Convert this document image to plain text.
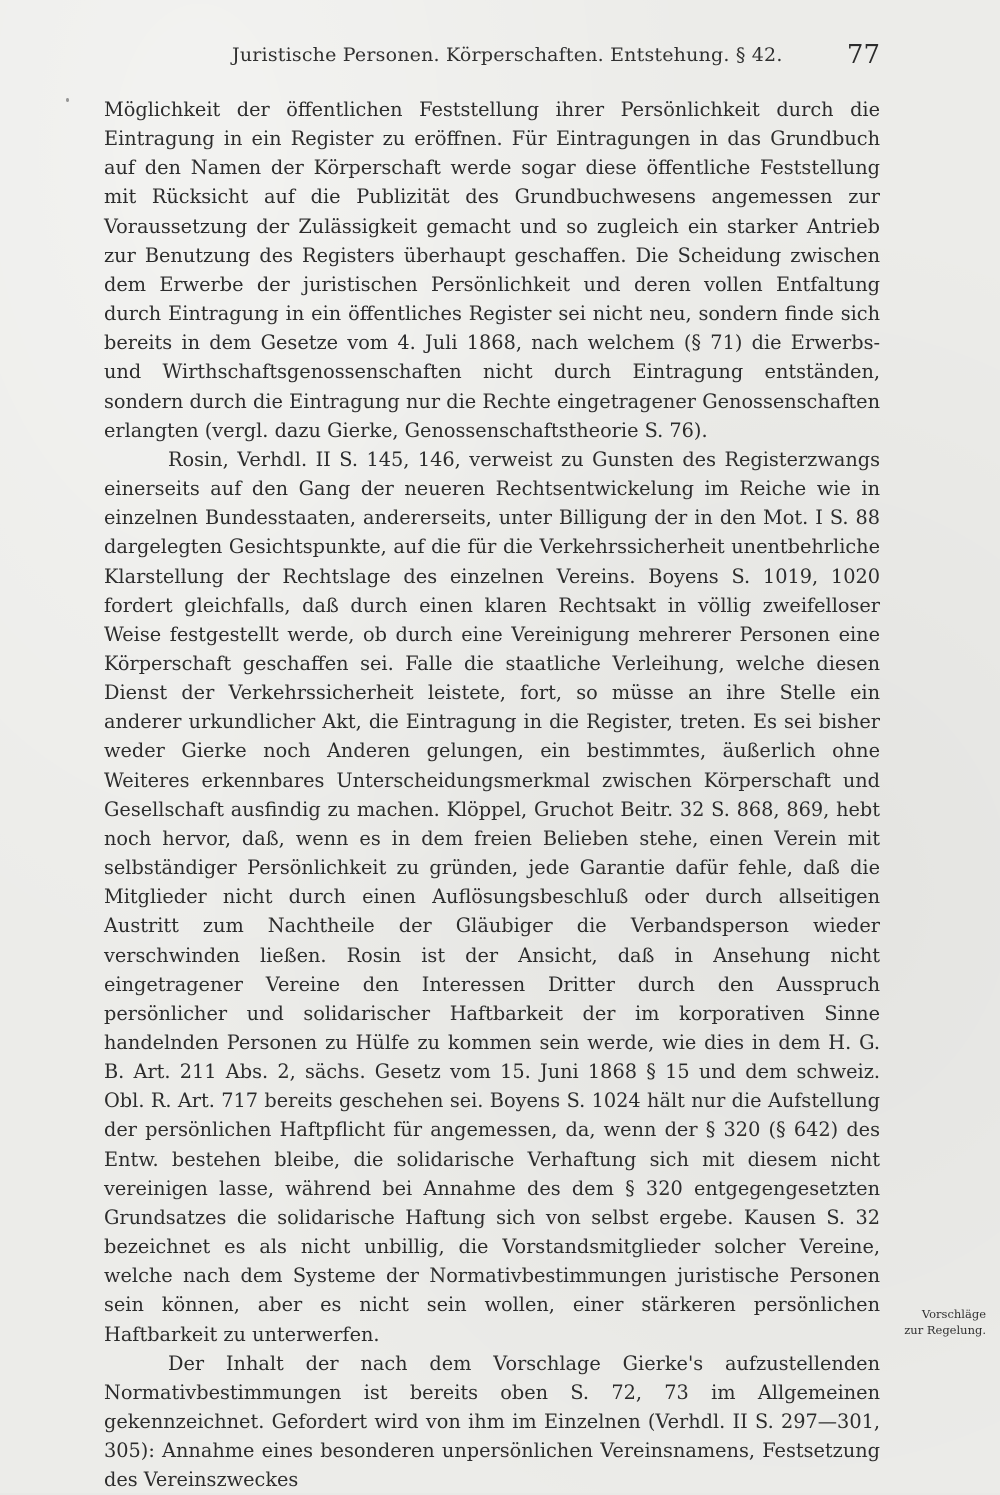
Juristische Personen. Körperschaften. Entstehung. § 42. 77

Möglichkeit der öffentlichen Feststellung ihrer Persönlichkeit durch die Eintragung in ein Register zu eröffnen. Für Eintragungen in das Grundbuch auf den Namen der Körperschaft werde sogar diese öffentliche Feststellung mit Rücksicht auf die Publizität des Grundbuchwesens angemessen zur Voraussetzung der Zulässigkeit gemacht und so zugleich ein starker Antrieb zur Benutzung des Registers überhaupt geschaffen. Die Scheidung zwischen dem Erwerbe der juristischen Persönlichkeit und deren vollen Entfaltung durch Eintragung in ein öffentliches Register sei nicht neu, sondern finde sich bereits in dem Gesetze vom 4. Juli 1868, nach welchem (§ 71) die Erwerbs- und Wirthschaftsgenossenschaften nicht durch Eintragung entständen, sondern durch die Eintragung nur die Rechte eingetragener Genossenschaften erlangten (vergl. dazu Gierke, Genossenschaftstheorie S. 76).

Rosin, Verhdl. II S. 145, 146, verweist zu Gunsten des Registerzwangs einerseits auf den Gang der neueren Rechtsentwickelung im Reiche wie in einzelnen Bundesstaaten, andererseits, unter Billigung der in den Mot. I S. 88 dargelegten Gesichtspunkte, auf die für die Verkehrssicherheit unentbehrliche Klarstellung der Rechtslage des einzelnen Vereins. Boyens S. 1019, 1020 fordert gleichfalls, daß durch einen klaren Rechtsakt in völlig zweifelloser Weise festgestellt werde, ob durch eine Vereinigung mehrerer Personen eine Körperschaft geschaffen sei. Falle die staatliche Verleihung, welche diesen Dienst der Verkehrssicherheit leistete, fort, so müsse an ihre Stelle ein anderer urkundlicher Akt, die Eintragung in die Register, treten. Es sei bisher weder Gierke noch Anderen gelungen, ein bestimmtes, äußerlich ohne Weiteres erkennbares Unterscheidungsmerkmal zwischen Körperschaft und Gesellschaft ausfindig zu machen. Klöppel, Gruchot Beitr. 32 S. 868, 869, hebt noch hervor, daß, wenn es in dem freien Belieben stehe, einen Verein mit selbständiger Persönlichkeit zu gründen, jede Garantie dafür fehle, daß die Mitglieder nicht durch einen Auflösungsbeschluß oder durch allseitigen Austritt zum Nachtheile der Gläubiger die Verbandsperson wieder verschwinden ließen. Rosin ist der Ansicht, daß in Ansehung nicht eingetragener Vereine den Interessen Dritter durch den Ausspruch persönlicher und solidarischer Haftbarkeit der im korporativen Sinne handelnden Personen zu Hülfe zu kommen sein werde, wie dies in dem H. G. B. Art. 211 Abs. 2, sächs. Gesetz vom 15. Juni 1868 § 15 und dem schweiz. Obl. R. Art. 717 bereits geschehen sei. Boyens S. 1024 hält nur die Aufstellung der persönlichen Haftpflicht für angemessen, da, wenn der § 320 (§ 642) des Entw. bestehen bleibe, die solidarische Verhaftung sich mit diesem nicht vereinigen lasse, während bei Annahme des dem § 320 entgegengesetzten Grundsatzes die solidarische Haftung sich von selbst ergebe. Kausen S. 32 bezeichnet es als nicht unbillig, die Vorstandsmitglieder solcher Vereine, welche nach dem Systeme der Normativbestimmungen juristische Personen sein können, aber es nicht sein wollen, einer stärkeren persönlichen Haftbarkeit zu unterwerfen.

Der Inhalt der nach dem Vorschlage Gierke's aufzustellenden Normativbestimmungen ist bereits oben S. 72, 73 im Allgemeinen gekennzeichnet. Gefordert wird von ihm im Einzelnen (Verhdl. II S. 297—301, 305): Annahme eines besonderen unpersönlichen Vereinsnamens, Festsetzung des Vereinszweckes

Vorschläge
zur Regelung.
